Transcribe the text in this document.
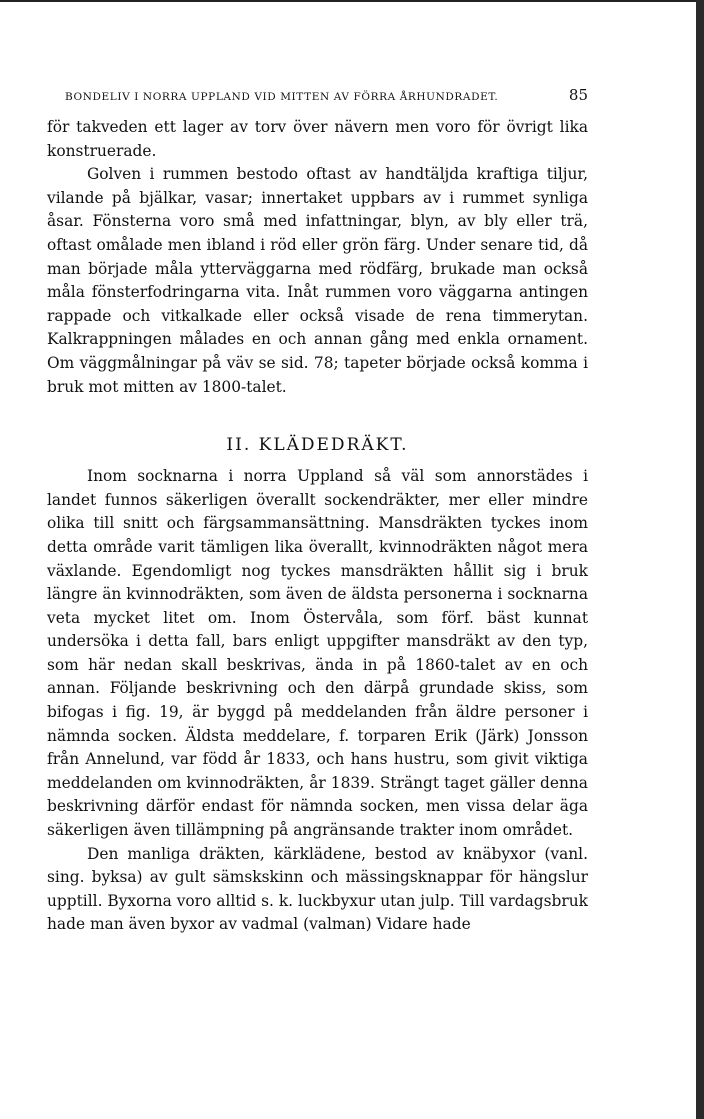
BONDELIV I NORRA UPPLAND VID MITTEN AV FÖRRA ÅRHUNDRADET.	85

för takveden ett lager av torv över nävern men voro för övrigt lika konstruerade.

Golven i rummen bestodo oftast av handtäljda kraftiga tiljur, vilande på bjälkar, vasar; innertaket uppbars av i rummet synliga åsar. Fönsterna voro små med infattningar, blyn, av bly eller trä, oftast omålade men ibland i röd eller grön färg. Under senare tid, då man började måla ytterväggarna med rödfärg, brukade man också måla fönsterfodringarna vita. Inåt rummen voro väggarna antingen rappade och vitkalkade eller också visade de rena timmerytan. Kalkrappningen målades en och annan gång med enkla ornament. Om väggmålningar på väv se sid. 78; tapeter började också komma i bruk mot mitten av 1800-talet.

II. KLÄDEDRÄKT.

Inom socknarna i norra Uppland så väl som annorstädes i landet funnos säkerligen överallt sockendräkter, mer eller mindre olika till snitt och färgsammansättning. Mansdräkten tyckes inom detta område varit tämligen lika överallt, kvinnodräkten något mera växlande. Egendomligt nog tyckes mansdräkten hållit sig i bruk längre än kvinnodräkten, som även de äldsta personerna i socknarna veta mycket litet om. Inom Östervåla, som förf. bäst kunnat undersöka i detta fall, bars enligt uppgifter mansdräkt av den typ, som här nedan skall beskrivas, ända in på 1860-talet av en och annan. Följande beskrivning och den därpå grundade skiss, som bifogas i fig. 19, är byggd på meddelanden från äldre personer i nämnda socken. Äldsta meddelare, f. torparen Erik (Järk) Jonsson från Annelund, var född år 1833, och hans hustru, som givit viktiga meddelanden om kvinnodräkten, år 1839. Strängt taget gäller denna beskrivning därför endast för nämnda socken, men vissa delar äga säkerligen även tillämpning på angränsande trakter inom området.

Den manliga dräkten, kärklädene, bestod av knäbyxor (vanl. sing. byksa) av gult sämskskinn och mässingsknappar för hängslur upptill. Byxorna voro alltid s. k. luckbyxur utan julp. Till vardagsbruk hade man även byxor av vadmal (valman) Vidare hade
